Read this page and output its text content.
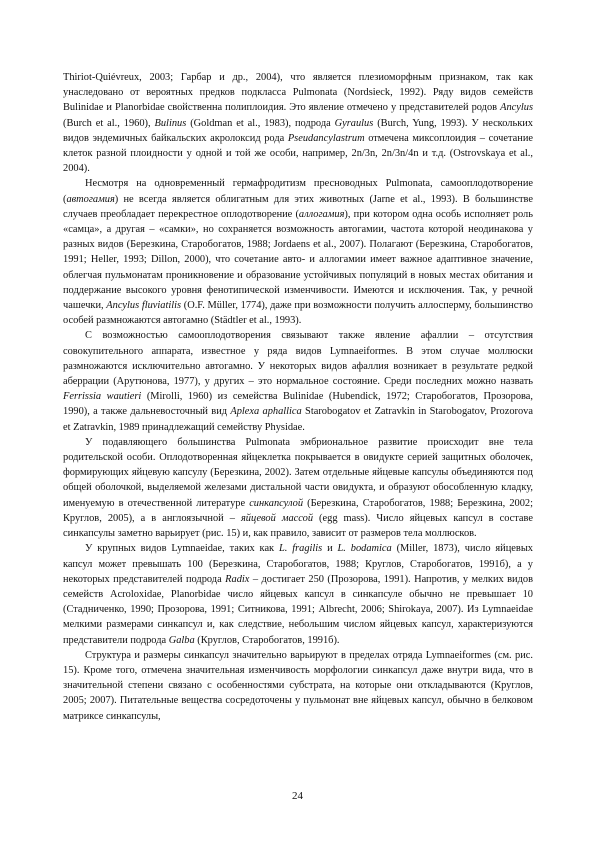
Thiriot-Quiévreux, 2003; Гарбар и др., 2004), что является плезиоморфным признаком, так как унаследовано от вероятных предков подкласса Pulmonata (Nordsieck, 1992). Ряду видов семейств Bulinidae и Planorbidae свойственна полиплоидия. Это явление отмечено у представителей родов Ancylus (Burch et al., 1960), Bulinus (Goldman et al., 1983), подрода Gyraulus (Burch, Yung, 1993). У нескольких видов эндемичных байкальских акролоксид рода Pseudancylastrum отмечена миксоплоидия – сочетание клеток разной плоидности у одной и той же особи, например, 2n/3n, 2n/3n/4n и т.д. (Ostrovskaya et al., 2004).

Несмотря на одновременный гермафродитизм пресноводных Pulmonata, самооплодотворение (автогамия) не всегда является облигатным для этих животных (Jarne et al., 1993). В большинстве случаев преобладает перекрестное оплодотворение (аллогамия), при котором одна особь исполняет роль «самца», а другая – «самки», но сохраняется возможность автогамии, частота которой неодинакова у разных видов (Березкина, Старобогатов, 1988; Jordaens et al., 2007). Полагают (Березкина, Старобогатов, 1991; Heller, 1993; Dillon, 2000), что сочетание авто- и аллогамии имеет важное адаптивное значение, облегчая пульмонатам проникновение и образование устойчивых популяций в новых местах обитания и поддержание высокого уровня фенотипической изменчивости. Имеются и исключения. Так, у речной чашечки, Ancylus fluviatilis (O.F. Müller, 1774), даже при возможности получить аллосперму, большинство особей размножаются автогамно (Städtler et al., 1993).

С возможностью самооплодотворения связывают также явление афаллии – отсутствия совокупительного аппарата, известное у ряда видов Lymnaeiformes. В этом случае моллюски размножаются исключительно автогамно. У некоторых видов афаллия возникает в результате редкой аберрации (Арутюнова, 1977), у других – это нормальное состояние. Среди последних можно назвать Ferrissia wautieri (Mirolli, 1960) из семейства Bulinidae (Hubendick, 1972; Старобогатов, Прозорова, 1990), а также дальневосточный вид Aplexa aphallica Starobogatov et Zatravkin in Starobogatov, Prozorova et Zatravkin, 1989 принадлежащий семейству Physidae.

У подавляющего большинства Pulmonata эмбриональное развитие происходит вне тела родительской особи. Оплодотворенная яйцеклетка покрывается в овидукте серией защитных оболочек, формирующих яйцевую капсулу (Березкина, 2002). Затем отдельные яйцевые капсулы объединяются под общей оболочкой, выделяемой железами дистальной части овидукта, и образуют обособленную кладку, именуемую в отечественной литературе синкапсулой (Березкина, Старобогатов, 1988; Березкина, 2002; Круглов, 2005), а в англоязычной – яйцевой массой (egg mass). Число яйцевых капсул в составе синкапсулы заметно варьирует (рис. 15) и, как правило, зависит от размеров тела моллюсков.

У крупных видов Lymnaeidae, таких как L. fragilis и L. bodamica (Miller, 1873), число яйцевых капсул может превышать 100 (Березкина, Старобогатов, 1988; Круглов, Старобогатов, 1991б), а у некоторых представителей подрода Radix – достигает 250 (Прозорова, 1991). Напротив, у мелких видов семейств Acroloxidae, Planorbidae число яйцевых капсул в синкапсуле обычно не превышает 10 (Стадниченко, 1990; Прозорова, 1991; Ситникова, 1991; Albrecht, 2006; Shirokaya, 2007). Из Lymnaeidae мелкими размерами синкапсул и, как следствие, небольшим числом яйцевых капсул, характеризуются представители подрода Galba (Круглов, Старобогатов, 1991б).

Структура и размеры синкапсул значительно варьируют в пределах отряда Lymnaeiformes (см. рис. 15). Кроме того, отмечена значительная изменчивость морфологии синкапсул даже внутри вида, что в значительной степени связано с особенностями субстрата, на которые они откладываются (Круглов, 2005; 2007). Питательные вещества сосредоточены у пульмонат вне яйцевых капсул, обычно в белковом матриксе синкапсулы,

24
